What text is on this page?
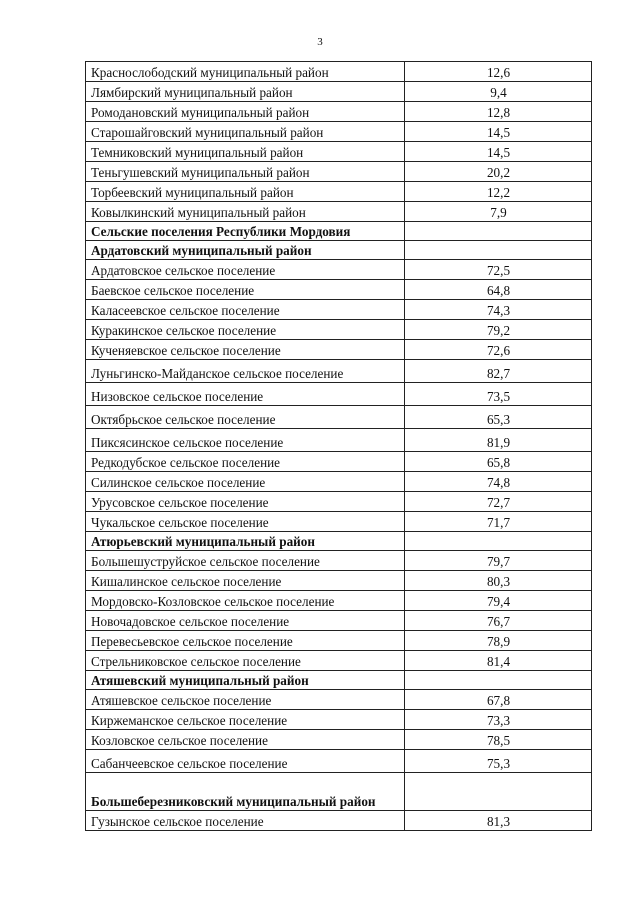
3
Краснослободский муниципальный район	12,6
Лямбирский муниципальный район	9,4
Ромодановский муниципальный район	12,8
Старошайговский муниципальный район	14,5
Темниковский муниципальный район	14,5
Теньгушевский муниципальный район	20,2
Торбеевский муниципальный район	12,2
Ковылкинский муниципальный район	7,9
Сельские поселения Республики Мордовия	
Ардатовский муниципальный район	
Ардатовское сельское поселение	72,5
Баевское сельское поселение	64,8
Каласеевское сельское поселение	74,3
Куракинское сельское поселение	79,2
Кученяевское сельское поселение	72,6
Луньгинско-Майданское сельское поселение	82,7
Низовское сельское поселение	73,5
Октябрьское сельское поселение	65,3
Пиксясинское сельское поселение	81,9
Редкодубское сельское поселение	65,8
Силинское сельское поселение	74,8
Урусовское сельское поселение	72,7
Чукальское сельское поселение	71,7
Атюрьевский муниципальный район	
Большешуструйское сельское поселение	79,7
Кишалинское сельское поселение	80,3
Мордовско-Козловское сельское поселение	79,4
Новочадовское сельское поселение	76,7
Перевесьевское сельское поселение	78,9
Стрельниковское сельское поселение	81,4
Атяшевский муниципальный район	
Атяшевское сельское поселение	67,8
Киржеманское сельское поселение	73,3
Козловское сельское поселение	78,5
Сабанчеевское сельское поселение	75,3
Большеберезниковский муниципальный район	
Гузынское сельское поселение	81,3
